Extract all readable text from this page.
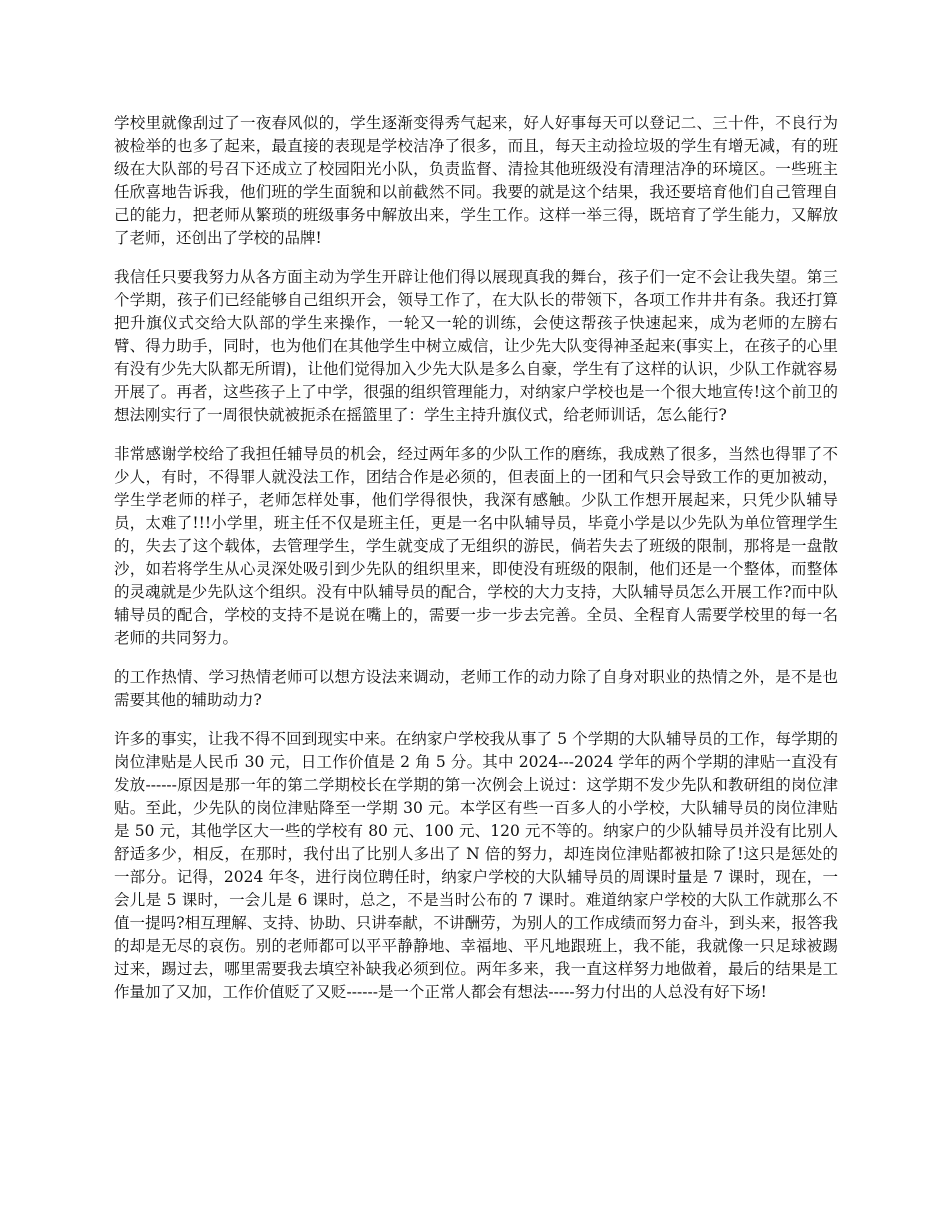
学校里就像刮过了一夜春风似的，学生逐渐变得秀气起来，好人好事每天可以登记二、三十件，不良行为被检举的也多了起来，最直接的表现是学校洁净了很多，而且，每天主动捡垃圾的学生有增无减，有的班级在大队部的号召下还成立了校园阳光小队，负责监督、清捡其他班级没有清理洁净的环境区。一些班主任欣喜地告诉我，他们班的学生面貌和以前截然不同。我要的就是这个结果，我还要培育他们自己管理自己的能力，把老师从繁琐的班级事务中解放出来，学生工作。这样一举三得，既培育了学生能力，又解放了老师，还创出了学校的品牌!

我信任只要我努力从各方面主动为学生开辟让他们得以展现真我的舞台，孩子们一定不会让我失望。第三个学期，孩子们已经能够自己组织开会，领导工作了，在大队长的带领下，各项工作井井有条。我还打算把升旗仪式交给大队部的学生来操作，一轮又一轮的训练，会使这帮孩子快速起来，成为老师的左膀右臂、得力助手，同时，也为他们在其他学生中树立威信，让少先大队变得神圣起来(事实上，在孩子的心里有没有少先大队都无所谓)，让他们觉得加入少先大队是多么自豪，学生有了这样的认识，少队工作就容易开展了。再者，这些孩子上了中学，很强的组织管理能力，对纳家户学校也是一个很大地宣传!这个前卫的想法刚实行了一周很快就被扼杀在摇篮里了：学生主持升旗仪式，给老师训话，怎么能行?

非常感谢学校给了我担任辅导员的机会，经过两年多的少队工作的磨练，我成熟了很多，当然也得罪了不少人，有时，不得罪人就没法工作，团结合作是必须的，但表面上的一团和气只会导致工作的更加被动，学生学老师的样子，老师怎样处事，他们学得很快，我深有感触。少队工作想开展起来，只凭少队辅导员，太难了!!!小学里，班主任不仅是班主任，更是一名中队辅导员，毕竟小学是以少先队为单位管理学生的，失去了这个载体，去管理学生，学生就变成了无组织的游民，倘若失去了班级的限制，那将是一盘散沙，如若将学生从心灵深处吸引到少先队的组织里来，即使没有班级的限制，他们还是一个整体，而整体的灵魂就是少先队这个组织。没有中队辅导员的配合，学校的大力支持，大队辅导员怎么开展工作?而中队辅导员的配合，学校的支持不是说在嘴上的，需要一步一步去完善。全员、全程育人需要学校里的每一名老师的共同努力。

的工作热情、学习热情老师可以想方设法来调动，老师工作的动力除了自身对职业的热情之外，是不是也需要其他的辅助动力?

许多的事实，让我不得不回到现实中来。在纳家户学校我从事了 5 个学期的大队辅导员的工作，每学期的岗位津贴是人民币 30 元，日工作价值是 2 角 5 分。其中 2024---2024 学年的两个学期的津贴一直没有发放------原因是那一年的第二学期校长在学期的第一次例会上说过：这学期不发少先队和教研组的岗位津贴。至此，少先队的岗位津贴降至一学期 30 元。本学区有些一百多人的小学校，大队辅导员的岗位津贴是 50 元，其他学区大一些的学校有 80 元、100 元、120 元不等的。纳家户的少队辅导员并没有比别人舒适多少，相反，在那时，我付出了比别人多出了 N 倍的努力，却连岗位津贴都被扣除了!这只是惩处的一部分。记得，2024 年冬，进行岗位聘任时，纳家户学校的大队辅导员的周课时量是 7 课时，现在，一会儿是 5 课时，一会儿是 6 课时，总之，不是当时公布的 7 课时。难道纳家户学校的大队工作就那么不值一提吗?相互理解、支持、协助、只讲奉献，不讲酬劳，为别人的工作成绩而努力奋斗，到头来，报答我的却是无尽的哀伤。别的老师都可以平平静静地、幸福地、平凡地跟班上，我不能，我就像一只足球被踢过来，踢过去，哪里需要我去填空补缺我必须到位。两年多来，我一直这样努力地做着，最后的结果是工作量加了又加，工作价值贬了又贬------是一个正常人都会有想法-----努力付出的人总没有好下场!
